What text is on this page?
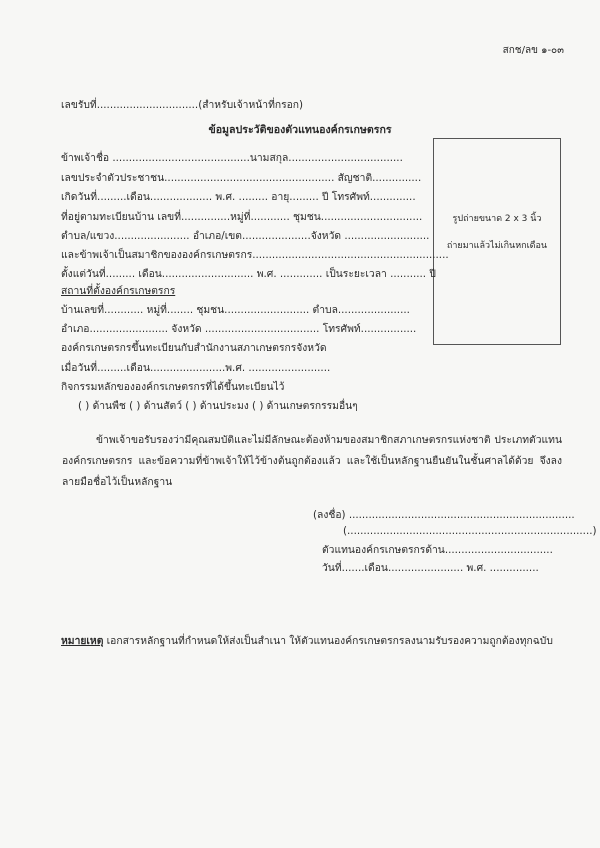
สกช/ลข ๑-๐๓
เลขรับที่...............................(สำหรับเจ้าหน้าที่กรอก)
ข้อมูลประวัติของตัวแทนองค์กรเกษตรกร
รูปถ่ายขนาด 2 x 3 นิ้ว
ถ่ายมาแล้วไม่เกินหกเดือน
ข้าพเจ้าชื่อ ..........................................นามสกุล...................................
เลขประจำตัวประชาชน.................................................... สัญชาติ...............
เกิดวันที่.........เดือน................... พ.ศ. ......... อายุ......... ปี โทรศัพท์..............
ที่อยู่ตามทะเบียนบ้าน เลขที่...............หมู่ที่............ ชุมชน...............................
ตำบล/แขวง....................... อำเภอ/เขต.....................จังหวัด ..........................
และข้าพเจ้าเป็นสมาชิกขององค์กรเกษตรกร............................................................
ตั้งแต่วันที่......... เดือน............................ พ.ศ. ............. เป็นระยะเวลา ........... ปี
สถานที่ตั้งองค์กรเกษตรกร
บ้านเลขที่............ หมู่ที่........ ชุมชน.......................... ตำบล......................
อำเภอ........................ จังหวัด ................................... โทรศัพท์.................
องค์กรเกษตรกรขึ้นทะเบียนกับสำนักงานสภาเกษตรกรจังหวัด
เมื่อวันที่.........เดือน.......................พ.ศ. .........................
กิจกรรมหลักขององค์กรเกษตรกรที่ได้ขึ้นทะเบียนไว้
( ) ด้านพืช ( ) ด้านสัตว์ ( ) ด้านประมง ( ) ด้านเกษตรกรรมอื่นๆ
ข้าพเจ้าขอรับรองว่ามีคุณสมบัติและไม่มีลักษณะต้องห้ามของสมาชิกสภาเกษตรกรแห่งชาติ ประเภทตัวแทนองค์กรเกษตรกร และข้อความที่ข้าพเจ้าให้ไว้ข้างต้นถูกต้องแล้ว และใช้เป็นหลักฐานยืนยันในชั้นศาลได้ด้วย จึงลงลายมือชื่อไว้เป็นหลักฐาน
(ลงชื่อ) .....................................................................
(...........................................................................)
ตัวแทนองค์กรเกษตรกรด้าน.................................
วันที่.......เดือน....................... พ.ศ. ...............
หมายเหตุ เอกสารหลักฐานที่กำหนดให้ส่งเป็นสำเนา ให้ตัวแทนองค์กรเกษตรกรลงนามรับรองความถูกต้องทุกฉบับ
